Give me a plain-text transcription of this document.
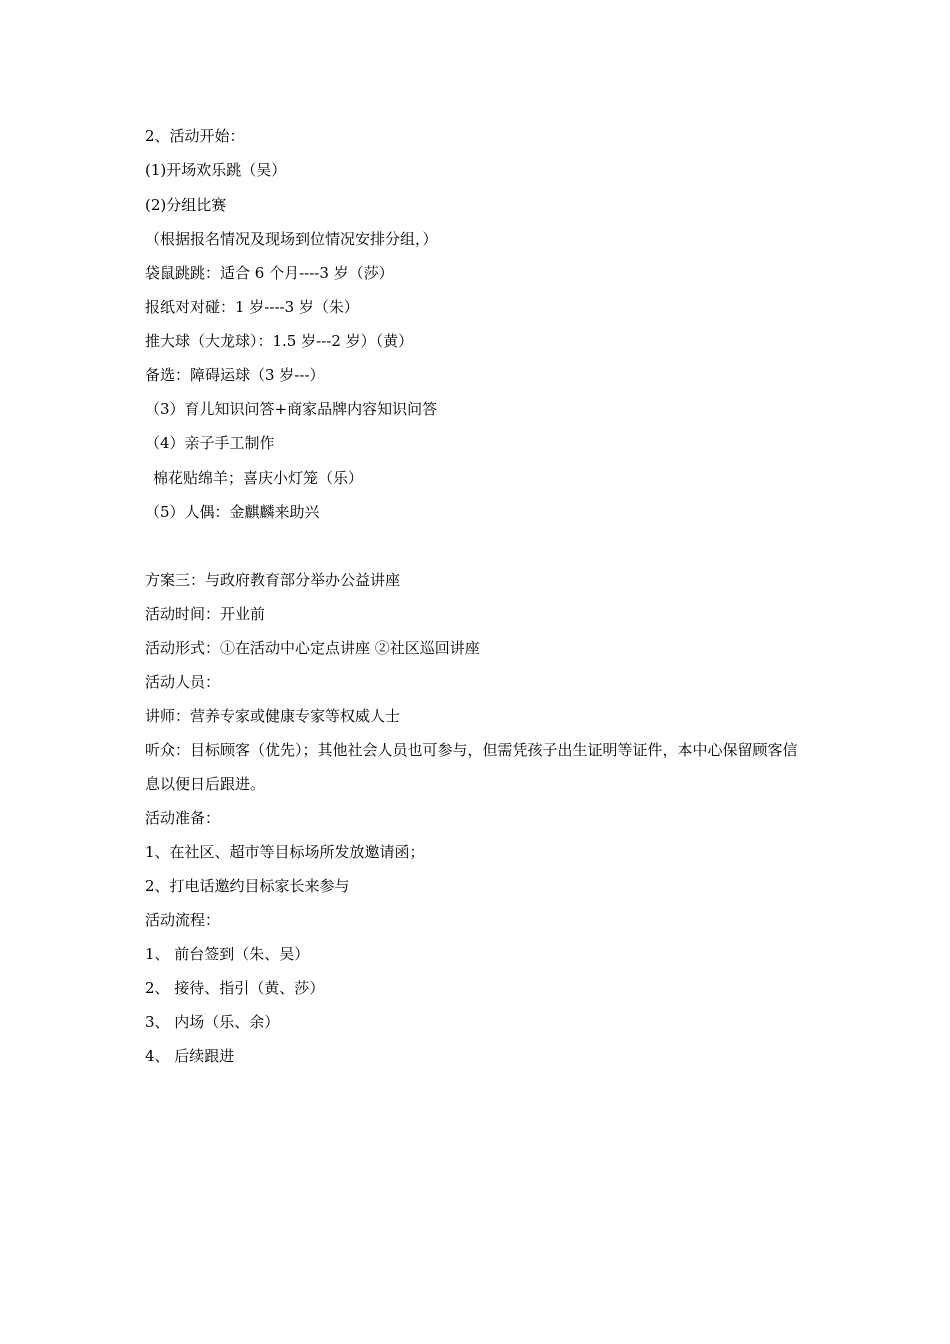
2、活动开始：
(1)开场欢乐跳（吴）
(2)分组比赛
（根据报名情况及现场到位情况安排分组，）
袋鼠跳跳：适合 6 个月----3 岁（莎）
报纸对对碰：1 岁----3 岁（朱）
推大球（大龙球）：1.5 岁---2 岁）（黄）
备选：障碍运球（3 岁---）
（3）育儿知识问答+商家品牌内容知识问答
（4）亲子手工制作
棉花贴绵羊；喜庆小灯笼（乐）
（5）人偶：金麒麟来助兴
方案三：与政府教育部分举办公益讲座
活动时间：开业前
活动形式：①在活动中心定点讲座 ②社区巡回讲座
活动人员：
讲师：营养专家或健康专家等权威人士
听众：目标顾客（优先）；其他社会人员也可参与，但需凭孩子出生证明等证件，本中心保留顾客信息以便日后跟进。
活动准备：
1、在社区、超市等目标场所发放邀请函；
2、打电话邀约目标家长来参与
活动流程：
1、 前台签到（朱、吴）
2、 接待、指引（黄、莎）
3、 内场（乐、余）
4、 后续跟进
